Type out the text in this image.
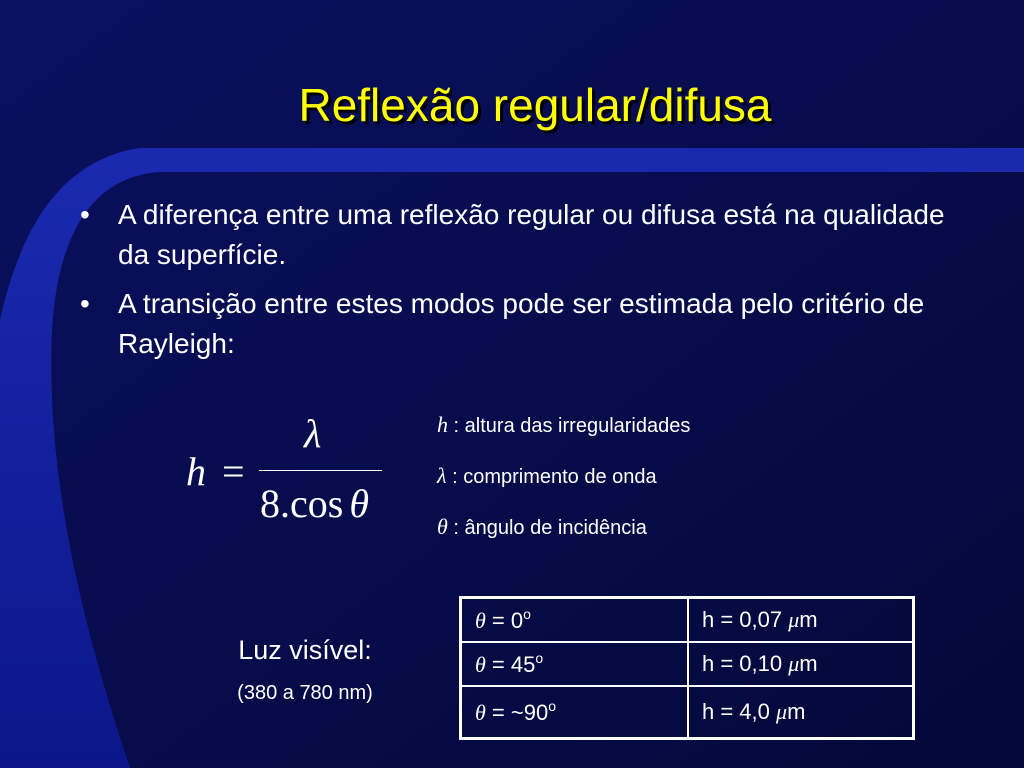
Reflexão regular/difusa
• A diferença entre uma reflexão regular ou difusa está na qualidade da superfície.
• A transição entre estes modos pode ser estimada pelo critério de Rayleigh:
h =
λ
8.cos θ
h : altura das irregularidades
λ : comprimento de onda
θ : ângulo de incidência
Luz visível:
(380 a 780 nm)
$\theta = 0^o$	h = 0,07 μm
$\theta = 45^o$	h = 0,10 μm
$\theta = \sim 90^o$	h = 4,0 μm
